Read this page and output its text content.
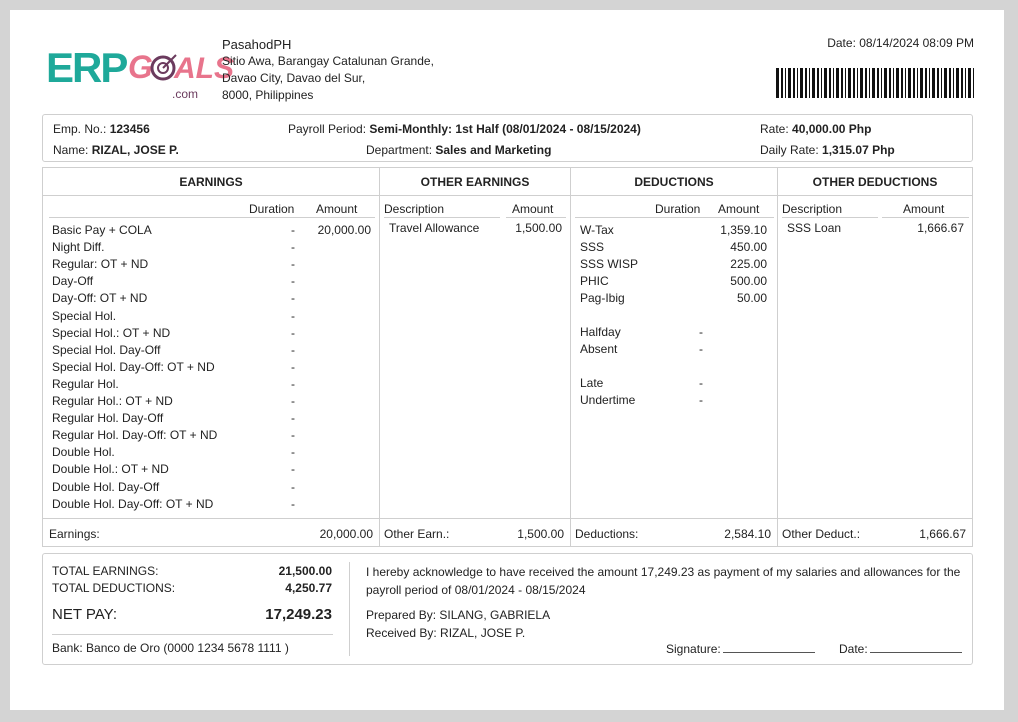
ERP G ALS
.com
PasahodPH
Sitio Awa, Barangay Catalunan Grande,
Davao City, Davao del Sur,
8000, Philippines
Date: 08/14/2024 08:09 PM
Emp. No.: 123456
Name: RIZAL, JOSE P.
Payroll Period: Semi-Monthly: 1st Half (08/01/2024 - 08/15/2024)
Department: Sales and Marketing
Rate: 40,000.00 Php
Daily Rate: 1,315.07 Php
EARNINGS
Duration Amount
Basic Pay + COLA	-	20,000.00
Night Diff.	-
Regular: OT + ND	-
Day-Off	-
Day-Off: OT + ND	-
Special Hol.	-
Special Hol.: OT + ND	-
Special Hol. Day-Off	-
Special Hol. Day-Off: OT + ND	-
Regular Hol.	-
Regular Hol.: OT + ND	-
Regular Hol. Day-Off	-
Regular Hol. Day-Off: OT + ND	-
Double Hol.	-
Double Hol.: OT + ND	-
Double Hol. Day-Off	-
Double Hol. Day-Off: OT + ND	-
Earnings:	20,000.00
OTHER EARNINGS
Description	Amount
Travel Allowance	1,500.00
Other Earn.:	1,500.00
DEDUCTIONS
Duration Amount
W-Tax	1,359.10
SSS	450.00
SSS WISP	225.00
PHIC	500.00
Pag-Ibig	50.00
Halfday	-
Absent	-
Late	-
Undertime	-
Deductions:	2,584.10
OTHER DEDUCTIONS
Description	Amount
SSS Loan	1,666.67
Other Deduct.:	1,666.67
TOTAL EARNINGS:	21,500.00
TOTAL DEDUCTIONS:	4,250.77
NET PAY:	17,249.23
Bank: Banco de Oro (0000 1234 5678 1111 )
I hereby acknowledge to have received the amount 17,249.23 as payment of my salaries and allowances for the
payroll period of 08/01/2024 - 08/15/2024
Prepared By: SILANG, GABRIELA
Received By: RIZAL, JOSE P.
Signature:	Date:
